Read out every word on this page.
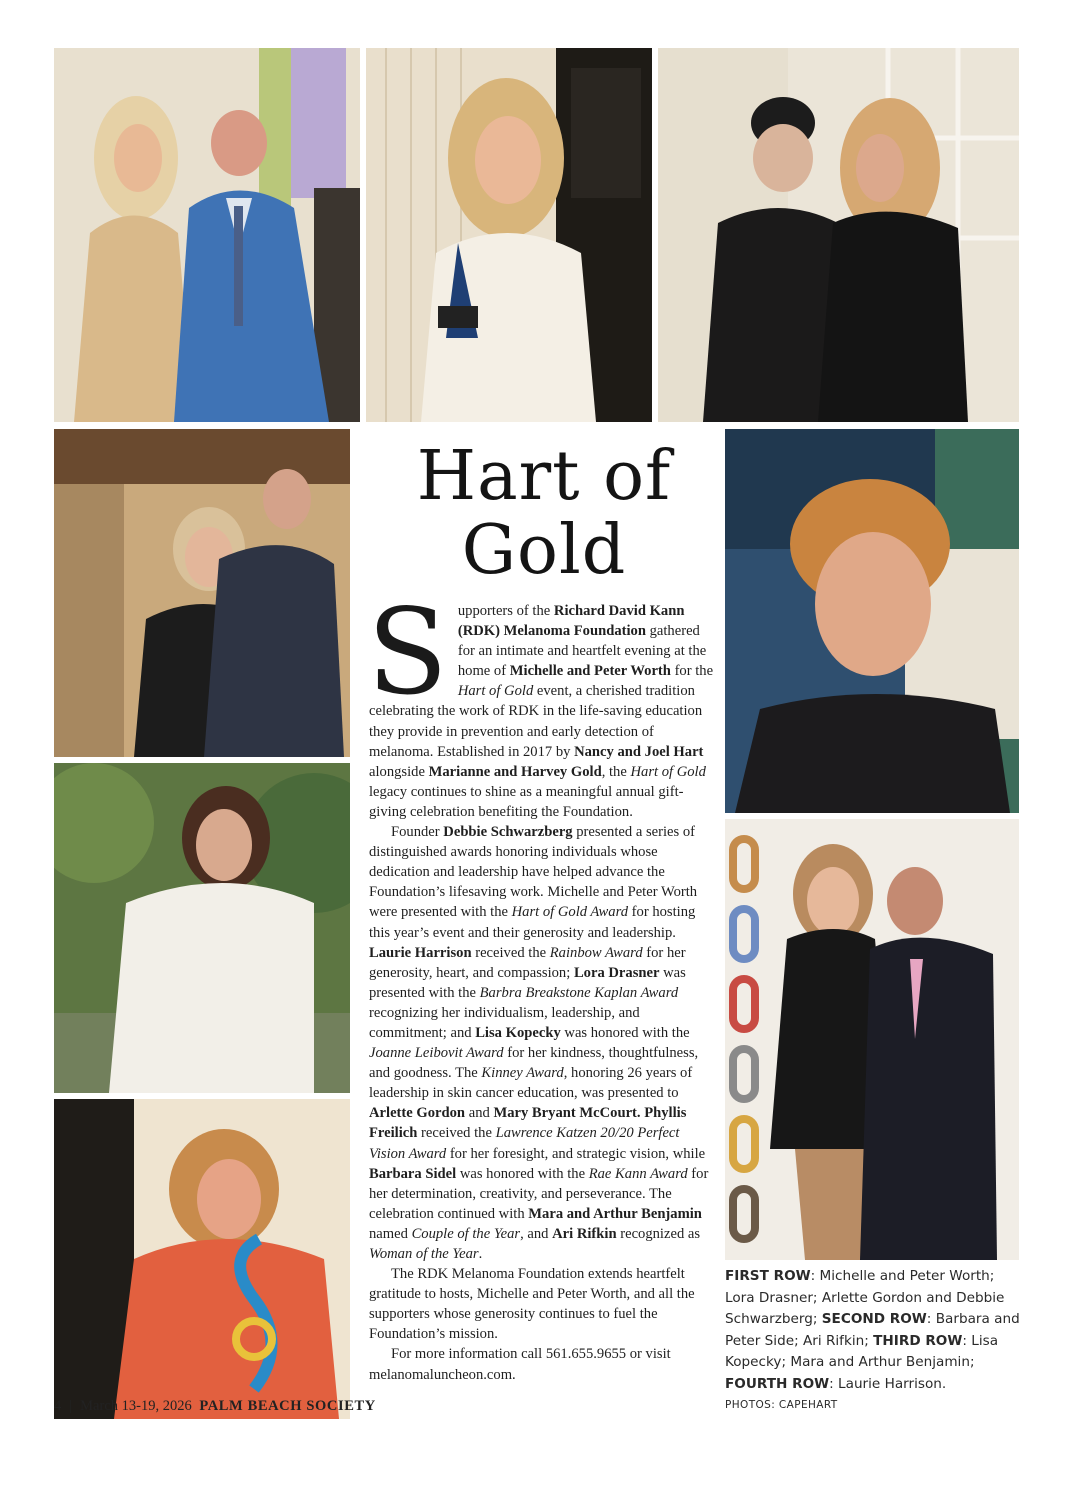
Hart of
Gold

Supporters of the Richard David Kann (RDK) Melanoma Foundation gathered for an intimate and heartfelt evening at the home of Michelle and Peter Worth for the Hart of Gold event, a cherished tradition celebrating the work of RDK in the life-saving education they provide in prevention and early detection of melanoma. Established in 2017 by Nancy and Joel Hart alongside Marianne and Harvey Gold, the Hart of Gold legacy continues to shine as a meaningful annual gift-giving celebration benefiting the Foundation.

Founder Debbie Schwarzberg presented a series of distinguished awards honoring individuals whose dedication and leadership have helped advance the Foundation’s lifesaving work. Michelle and Peter Worth were presented with the Hart of Gold Award for hosting this year’s event and their generosity and leadership. Laurie Harrison received the Rainbow Award for her generosity, heart, and compassion; Lora Drasner was presented with the Barbra Breakstone Kaplan Award recognizing her individualism, leadership, and commitment; and Lisa Kopecky was honored with the Joanne Leibovit Award for her kindness, thoughtfulness, and goodness. The Kinney Award, honoring 26 years of leadership in skin cancer education, was presented to Arlette Gordon and Mary Bryant McCourt. Phyllis Freilich received the Lawrence Katzen 20/20 Perfect Vision Award for her foresight, and strategic vision, while Barbara Sidel was honored with the Rae Kann Award for her determination, creativity, and perseverance. The celebration continued with Mara and Arthur Benjamin named Couple of the Year, and Ari Rifkin recognized as Woman of the Year.

The RDK Melanoma Foundation extends heartfelt gratitude to hosts, Michelle and Peter Worth, and all the supporters whose generosity continues to fuel the Foundation’s mission.

For more information call 561.655.9655 or visit melanomaluncheon.com.

FIRST ROW: Michelle and Peter Worth; Lora Drasner; Arlette Gordon and Debbie Schwarzberg; SECOND ROW: Barbara and Peter Side; Ari Rifkin; THIRD ROW: Lisa Kopecky; Mara and Arthur Benjamin; FOURTH ROW: Laurie Harrison.
PHOTOS: CAPEHART
4 | March 13-19, 2026 PALM BEACH SOCIETY
